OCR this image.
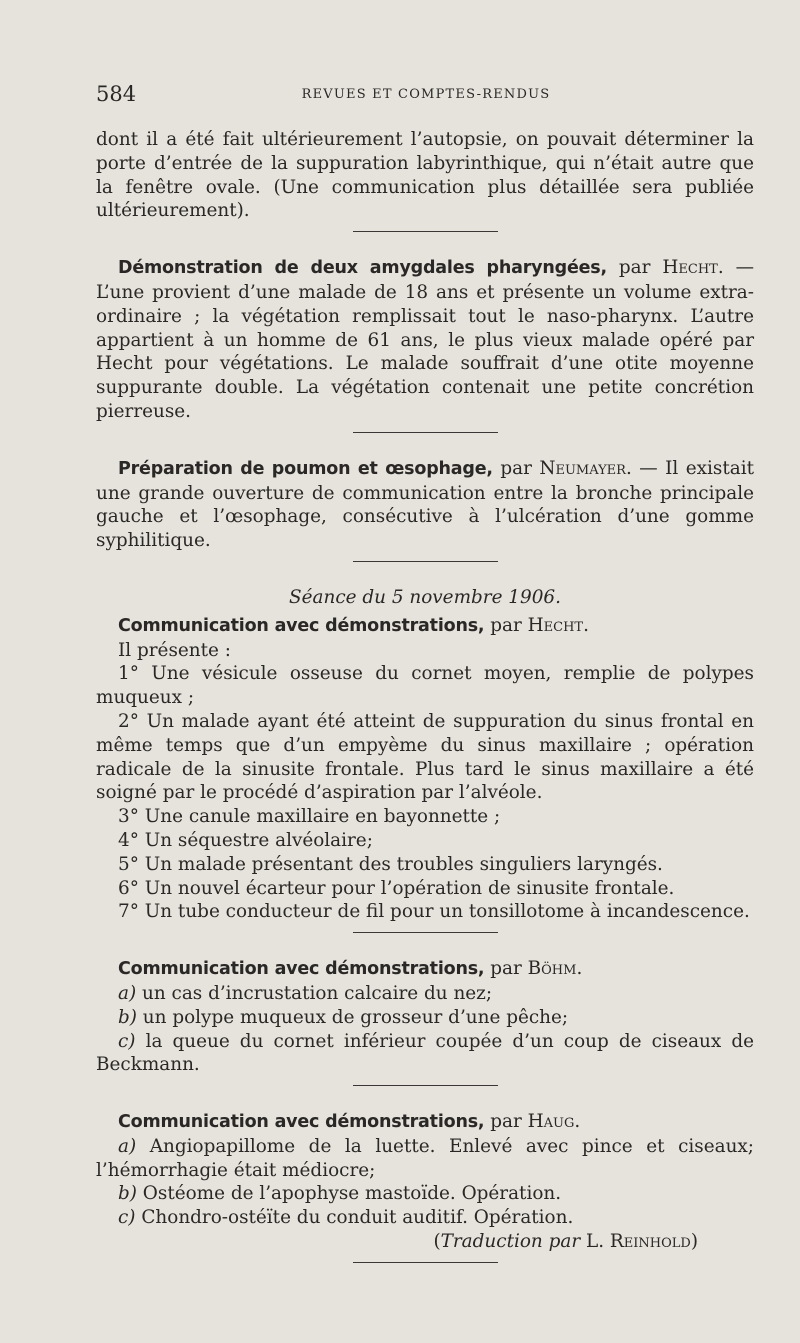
584	REVUES ET COMPTES-RENDUS

dont il a été fait ultérieurement l’autopsie, on pouvait déterminer la porte d’entrée de la suppuration labyrinthique, qui n’était autre que la fenêtre ovale. (Une communication plus détaillée sera publiée ultérieurement).

Démonstration de deux amygdales pharyngées, par Hecht. — L’une provient d’une malade de 18 ans et présente un volume extra-ordinaire ; la végétation remplissait tout le naso-pharynx. L’autre appartient à un homme de 61 ans, le plus vieux malade opéré par Hecht pour végétations. Le malade souffrait d’une otite moyenne suppurante double. La végétation contenait une petite concrétion pierreuse.

Préparation de poumon et œsophage, par Neumayer. — Il existait une grande ouverture de communication entre la bronche principale gauche et l’œsophage, consécutive à l’ulcération d’une gomme syphilitique.

Séance du 5 novembre 1906.

Communication avec démonstrations, par Hecht.

Il présente :

1° Une vésicule osseuse du cornet moyen, remplie de polypes muqueux ;

2° Un malade ayant été atteint de suppuration du sinus frontal en même temps que d’un empyème du sinus maxillaire ; opération radicale de la sinusite frontale. Plus tard le sinus maxillaire a été soigné par le procédé d’aspiration par l’alvéole.

3° Une canule maxillaire en bayonnette ;

4° Un séquestre alvéolaire;

5° Un malade présentant des troubles singuliers laryngés.

6° Un nouvel écarteur pour l’opération de sinusite frontale.

7° Un tube conducteur de fil pour un tonsillotome à incandescence.

Communication avec démonstrations, par Böhm.

a) un cas d’incrustation calcaire du nez;

b) un polype muqueux de grosseur d’une pêche;

c) la queue du cornet inférieur coupée d’un coup de ciseaux de Beckmann.

Communication avec démonstrations, par Haug.

a) Angiopapillome de la luette. Enlevé avec pince et ciseaux; l’hémorrhagie était médiocre;

b) Ostéome de l’apophyse mastoïde. Opération.

c) Chondro-ostéïte du conduit auditif. Opération.

(Traduction par L. Reinhold)
